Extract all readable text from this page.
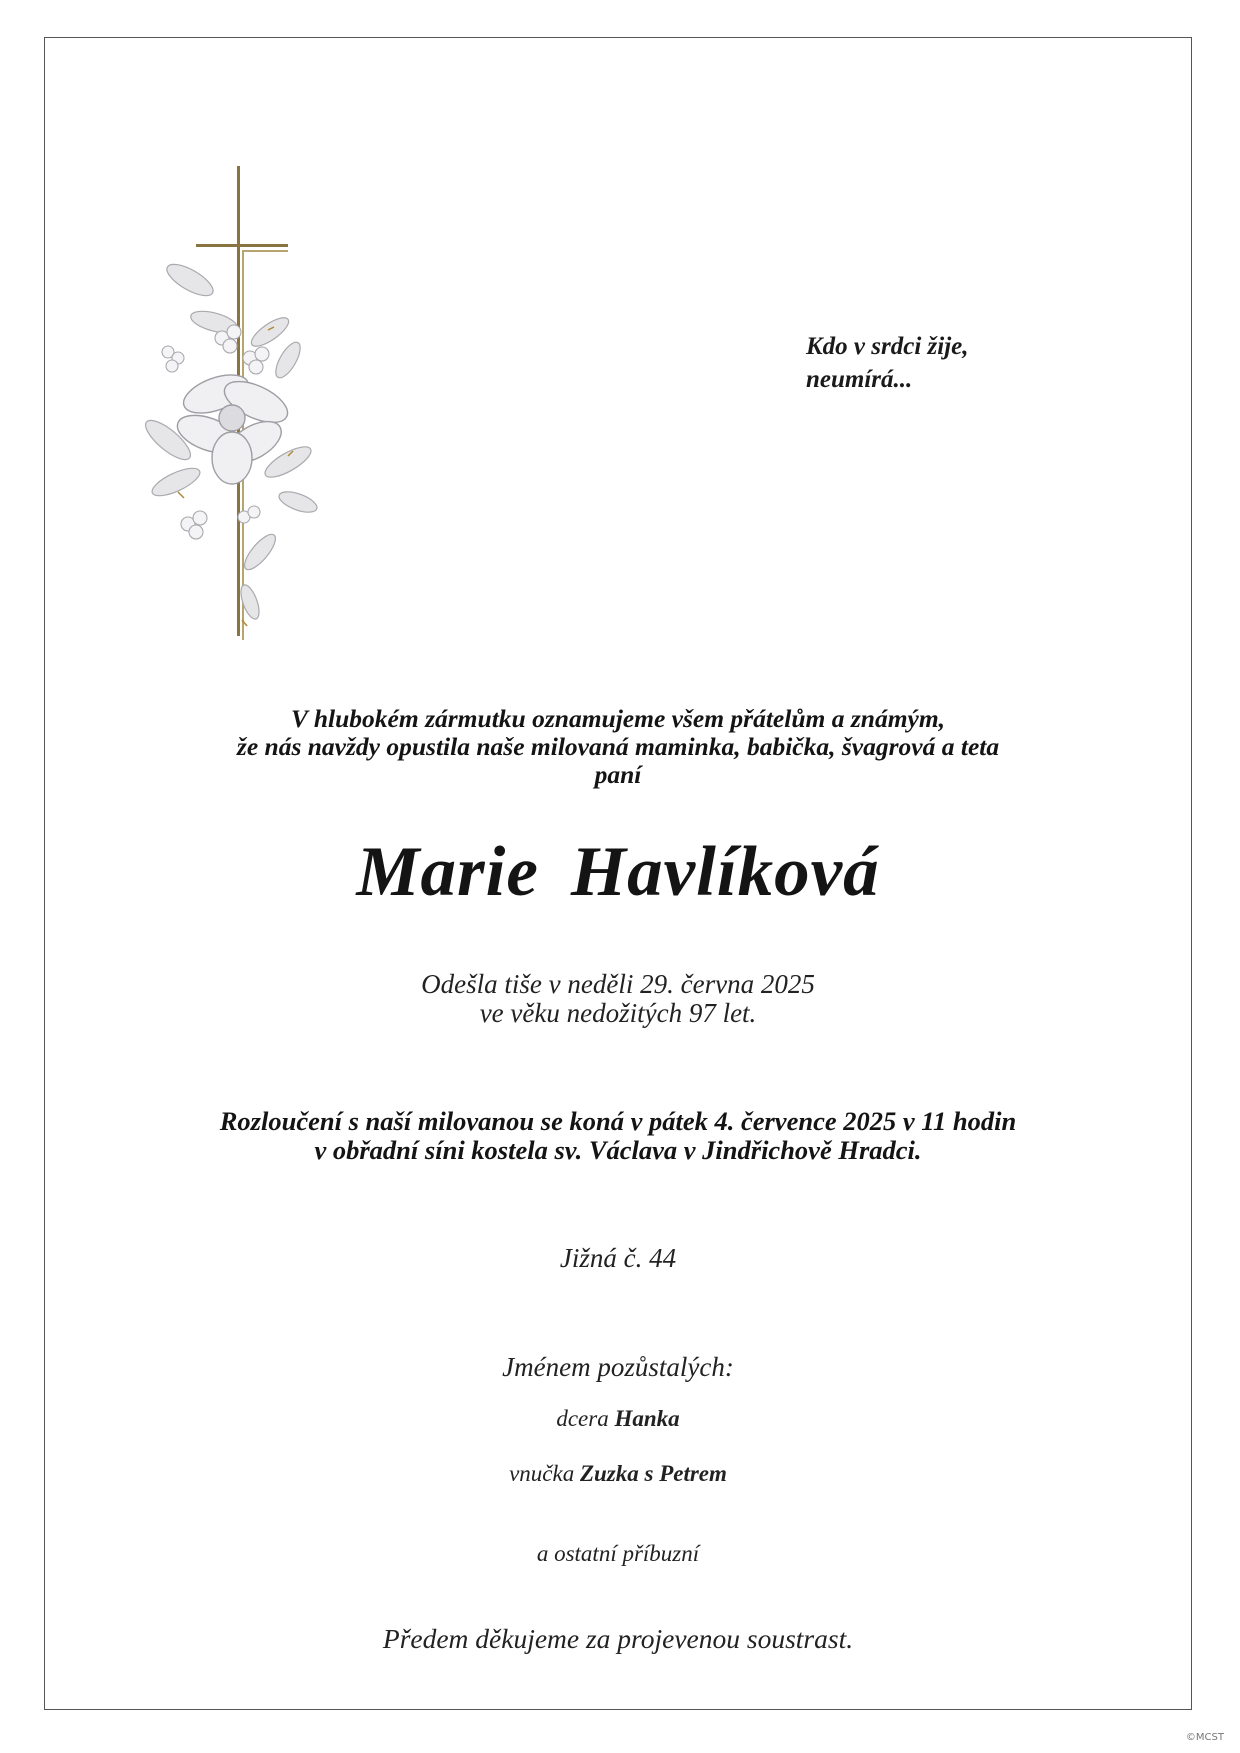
Kdo v srdci žije,
neumírá...
V hlubokém zármutku oznamujeme všem přátelům a známým,
že nás navždy opustila naše milovaná maminka, babička, švagrová a teta
paní
Marie Havlíková
Odešla tiše v neděli 29. června 2025
ve věku nedožitých 97 let.
Rozloučení s naší milovanou se koná v pátek 4. července 2025 v 11 hodin
v obřadní síni kostela sv. Václava v Jindřichově Hradci.
Jižná č. 44
Jménem pozůstalých:
dcera Hanka
vnučka Zuzka s Petrem
a ostatní příbuzní
Předem děkujeme za projevenou soustrast.
©MCST
